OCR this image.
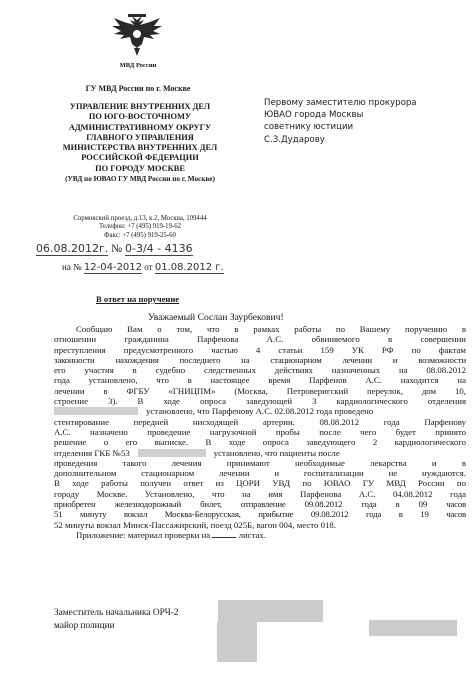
МВД России
ГУ МВД России по г. Москве
УПРАВЛЕНИЕ ВНУТРЕННИХ ДЕЛ
ПО ЮГО-ВОСТОЧНОМУ
АДМИНИСТРАТИВНОМУ ОКРУГУ
ГЛАВНОГО УПРАВЛЕНИЯ
МИНИСТЕРСТВА ВНУТРЕННИХ ДЕЛ
РОССИЙСКОЙ ФЕДЕРАЦИИ
ПО ГОРОДУ МОСКВЕ
(УВД по ЮВАО ГУ МВД России по г. Москве)
Сормовский проезд, д.13, к.2, Москва, 109444
Телефон: +7 (495) 919-19-62
Факс: +7 (495) 919-25-60
06.08.2012г. № 0-3/4 - 4136
на № 12-04-2012 от 01.08.2012 г.
В ответ на поручение
Первому заместителю прокурора
ЮВАО города Москвы
советнику юстиции
С.З.Дударову
Уважаемый Сослан Заурбекович!
Сообщаю Вам о том, что в рамках работы по Вашему поручению в
отношении гражданина Парфенова А.С. обвиняемого в совершении
преступления предусмотренного частью 4 статьи 159 УК РФ по фактам
законности нахождения последнего на стационарном лечении и возможности
его участия в судебно следственных действиях назначенных на 08.08.2012
года установлено, что в настоящее время Парфенов А.С. находится на
лечении в ФГБУ «ГНИЦПМ» (Москва, Петроверигский переулок, дом 10,
строение 3). В ходе опроса заведующей 3 кардиологического отделения
установлено, что Парфенову А.С. 02.08.2012 года проведено
стентирование передней нисходящей артерии. 08.08.2012 года Парфенову
А.С. назначено проведение нагрузочной пробы после чего будет принято
решение о его выписке. В ходе опроса заведующего 2 кардиологического
отделения ГКБ №53	установлено, что пациенты после
проведения такого лечения принимают необходимые лекарства и в
дополнительном стационарном лечении и госпитализации не нуждаются.
В ходе работы получен ответ из ЦОРИ УВД по ЮВАО ГУ МВД России по
городу Москве. Установлено, что на имя Парфенова А.С. 04.08.2012 года
приобретен железнодорожный билет, отправление 09.08.2012 года в 09 часов
51 минуту вокзал Москва-Белорусская, прибытие 09.08.2012 года в 19 часов
52 минуты вокзал Минск-Пассажирский, поезд 025Б, вагон 004, место 018.
Приложение: материал проверки на	листах.
Заместитель начальника ОРЧ-2
майор полиции
